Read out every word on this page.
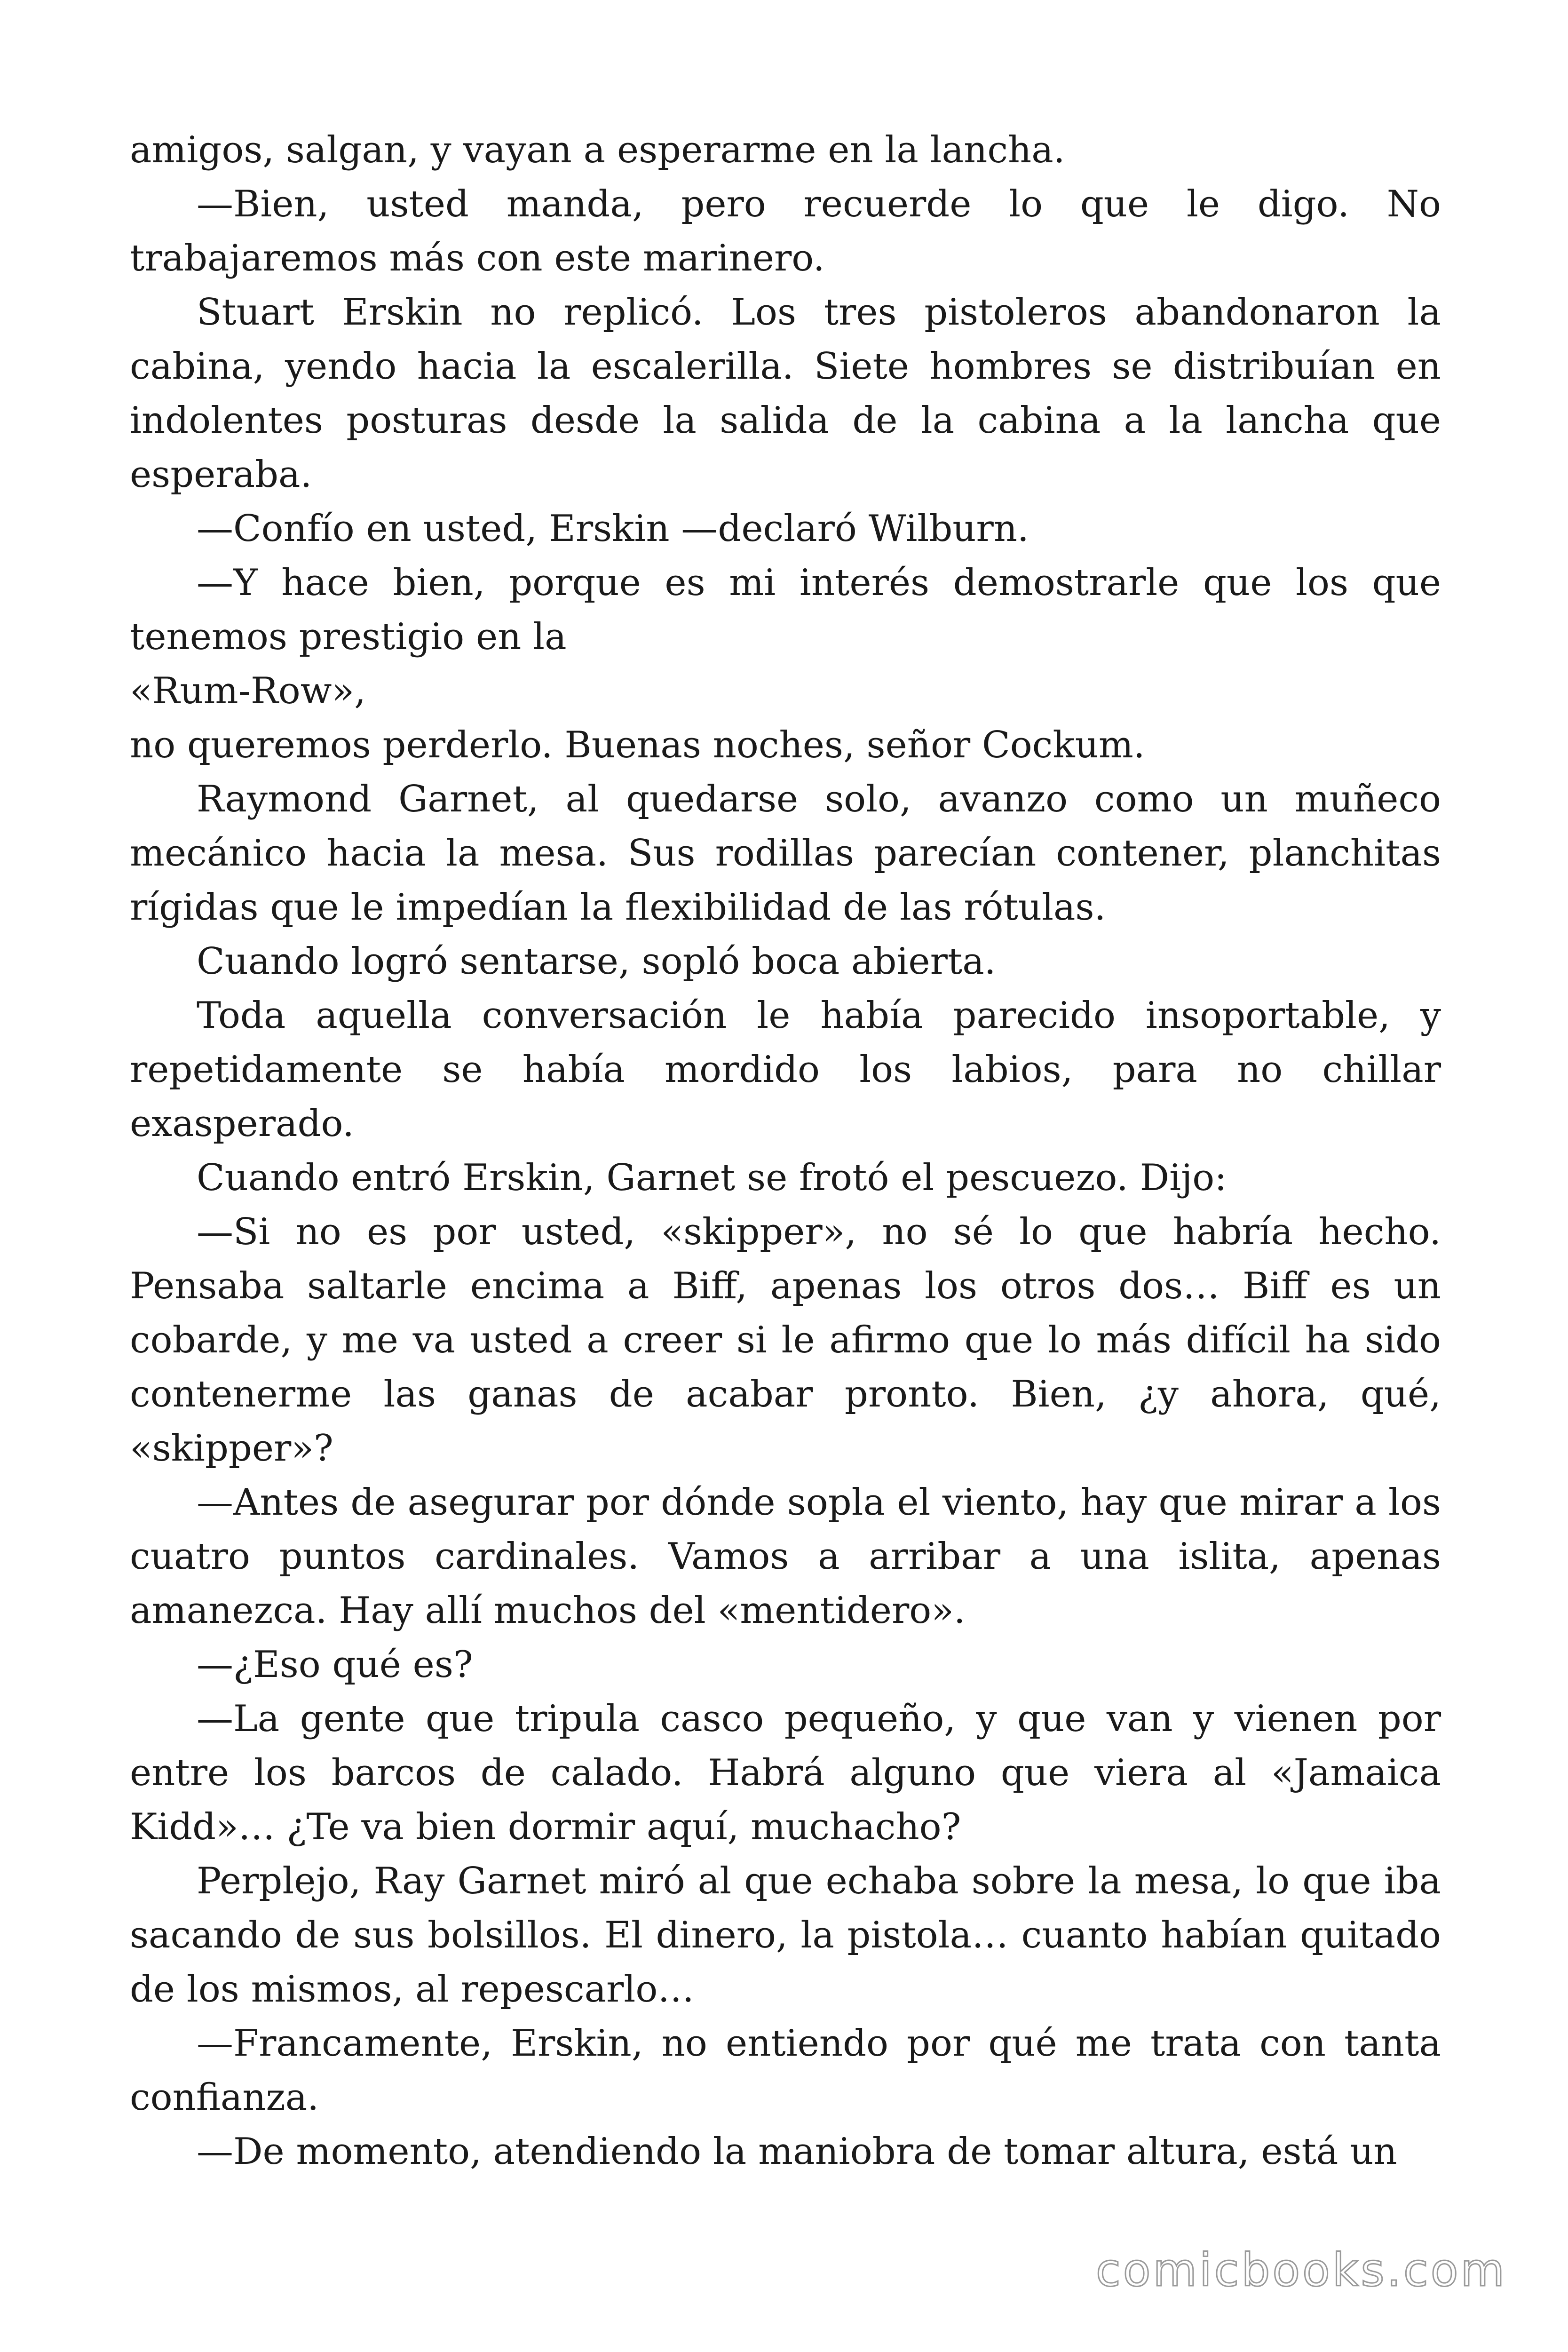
amigos, salgan, y vayan a esperarme en la lancha.

—Bien, usted manda, pero recuerde lo que le digo. No trabajaremos más con este marinero.

Stuart Erskin no replicó. Los tres pistoleros abandonaron la cabina, yendo hacia la escalerilla. Siete hombres se distribuían en indolentes posturas desde la salida de la cabina a la lancha que esperaba.

—Confío en usted, Erskin —declaró Wilburn.

—Y hace bien, porque es mi interés demostrarle que los que tenemos prestigio en la

«Rum-Row»,

no queremos perderlo. Buenas noches, señor Cockum.

Raymond Garnet, al quedarse solo, avanzo como un muñeco mecánico hacia la mesa. Sus rodillas parecían contener, planchitas rígidas que le impedían la flexibilidad de las rótulas.

Cuando logró sentarse, sopló boca abierta.

Toda aquella conversación le había parecido insoportable, y repetidamente se había mordido los labios, para no chillar exasperado.

Cuando entró Erskin, Garnet se frotó el pescuezo. Dijo:

—Si no es por usted, «skipper», no sé lo que habría hecho. Pensaba saltarle encima a Biff, apenas los otros dos… Biff es un cobarde, y me va usted a creer si le afirmo que lo más difícil ha sido contenerme las ganas de acabar pronto. Bien, ¿y ahora, qué, «skipper»?

—Antes de asegurar por dónde sopla el viento, hay que mirar a los cuatro puntos cardinales. Vamos a arribar a una islita, apenas amanezca. Hay allí muchos del «mentidero».

—¿Eso qué es?

—La gente que tripula casco pequeño, y que van y vienen por entre los barcos de calado. Habrá alguno que viera al «Jamaica Kidd»… ¿Te va bien dormir aquí, muchacho?

Perplejo, Ray Garnet miró al que echaba sobre la mesa, lo que iba sacando de sus bolsillos. El dinero, la pistola… cuanto habían quitado de los mismos, al repescarlo…

—Francamente, Erskin, no entiendo por qué me trata con tanta confianza.

—De momento, atendiendo la maniobra de tomar altura, está un

comicbooks.com
